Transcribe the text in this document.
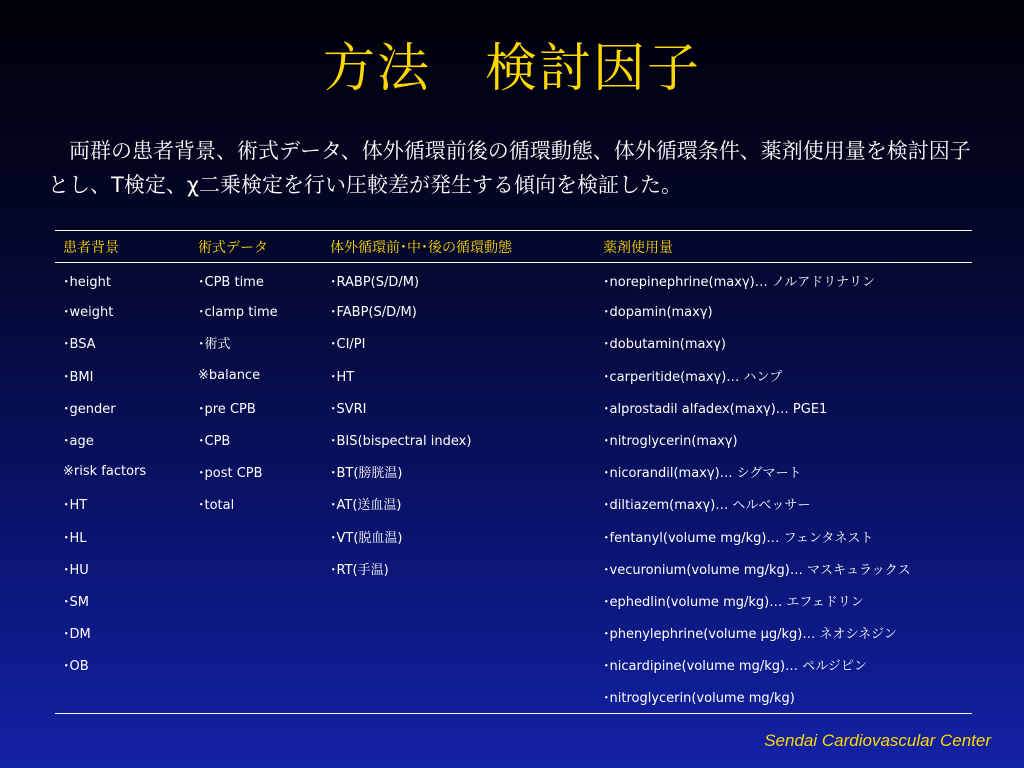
方法　検討因子
　両群の患者背景、術式データ、体外循環前後の循環動態、体外循環条件、薬剤使用量を検討因子とし、T検定、χ二乗検定を行い圧較差が発生する傾向を検証した。
患者背景	術式データ	体外循環前･中･後の循環動態	薬剤使用量
･height	･CPB time	･RABP(S/D/M)	･norepinephrine(maxγ)… ノルアドリナリン
･weight	･clamp time	･FABP(S/D/M)	･dopamin(maxγ)
･BSA	･術式	･CI/PI	･dobutamin(maxγ)
･BMI	※balance	･HT	･carperitide(maxγ)… ハンプ
･gender	･pre CPB	･SVRI	･alprostadil alfadex(maxγ)… PGE1
･age	･CPB	･BIS(bispectral index)	･nitroglycerin(maxγ)
※risk factors	･post CPB	･BT(膀胱温)	･nicorandil(maxγ)… シグマート
･HT	･total	･AT(送血温)	･diltiazem(maxγ)… ヘルベッサー
･HL		･VT(脱血温)	･fentanyl(volume mg/kg)… フェンタネスト
･HU		･RT(手温)	･vecuronium(volume mg/kg)… マスキュラックス
･SM			･ephedlin(volume mg/kg)… エフェドリン
･DM			･phenylephrine(volume μg/kg)… ネオシネジン
･OB			･nicardipine(volume mg/kg)… ペルジピン
			･nitroglycerin(volume mg/kg)
Sendai Cardiovascular Center
